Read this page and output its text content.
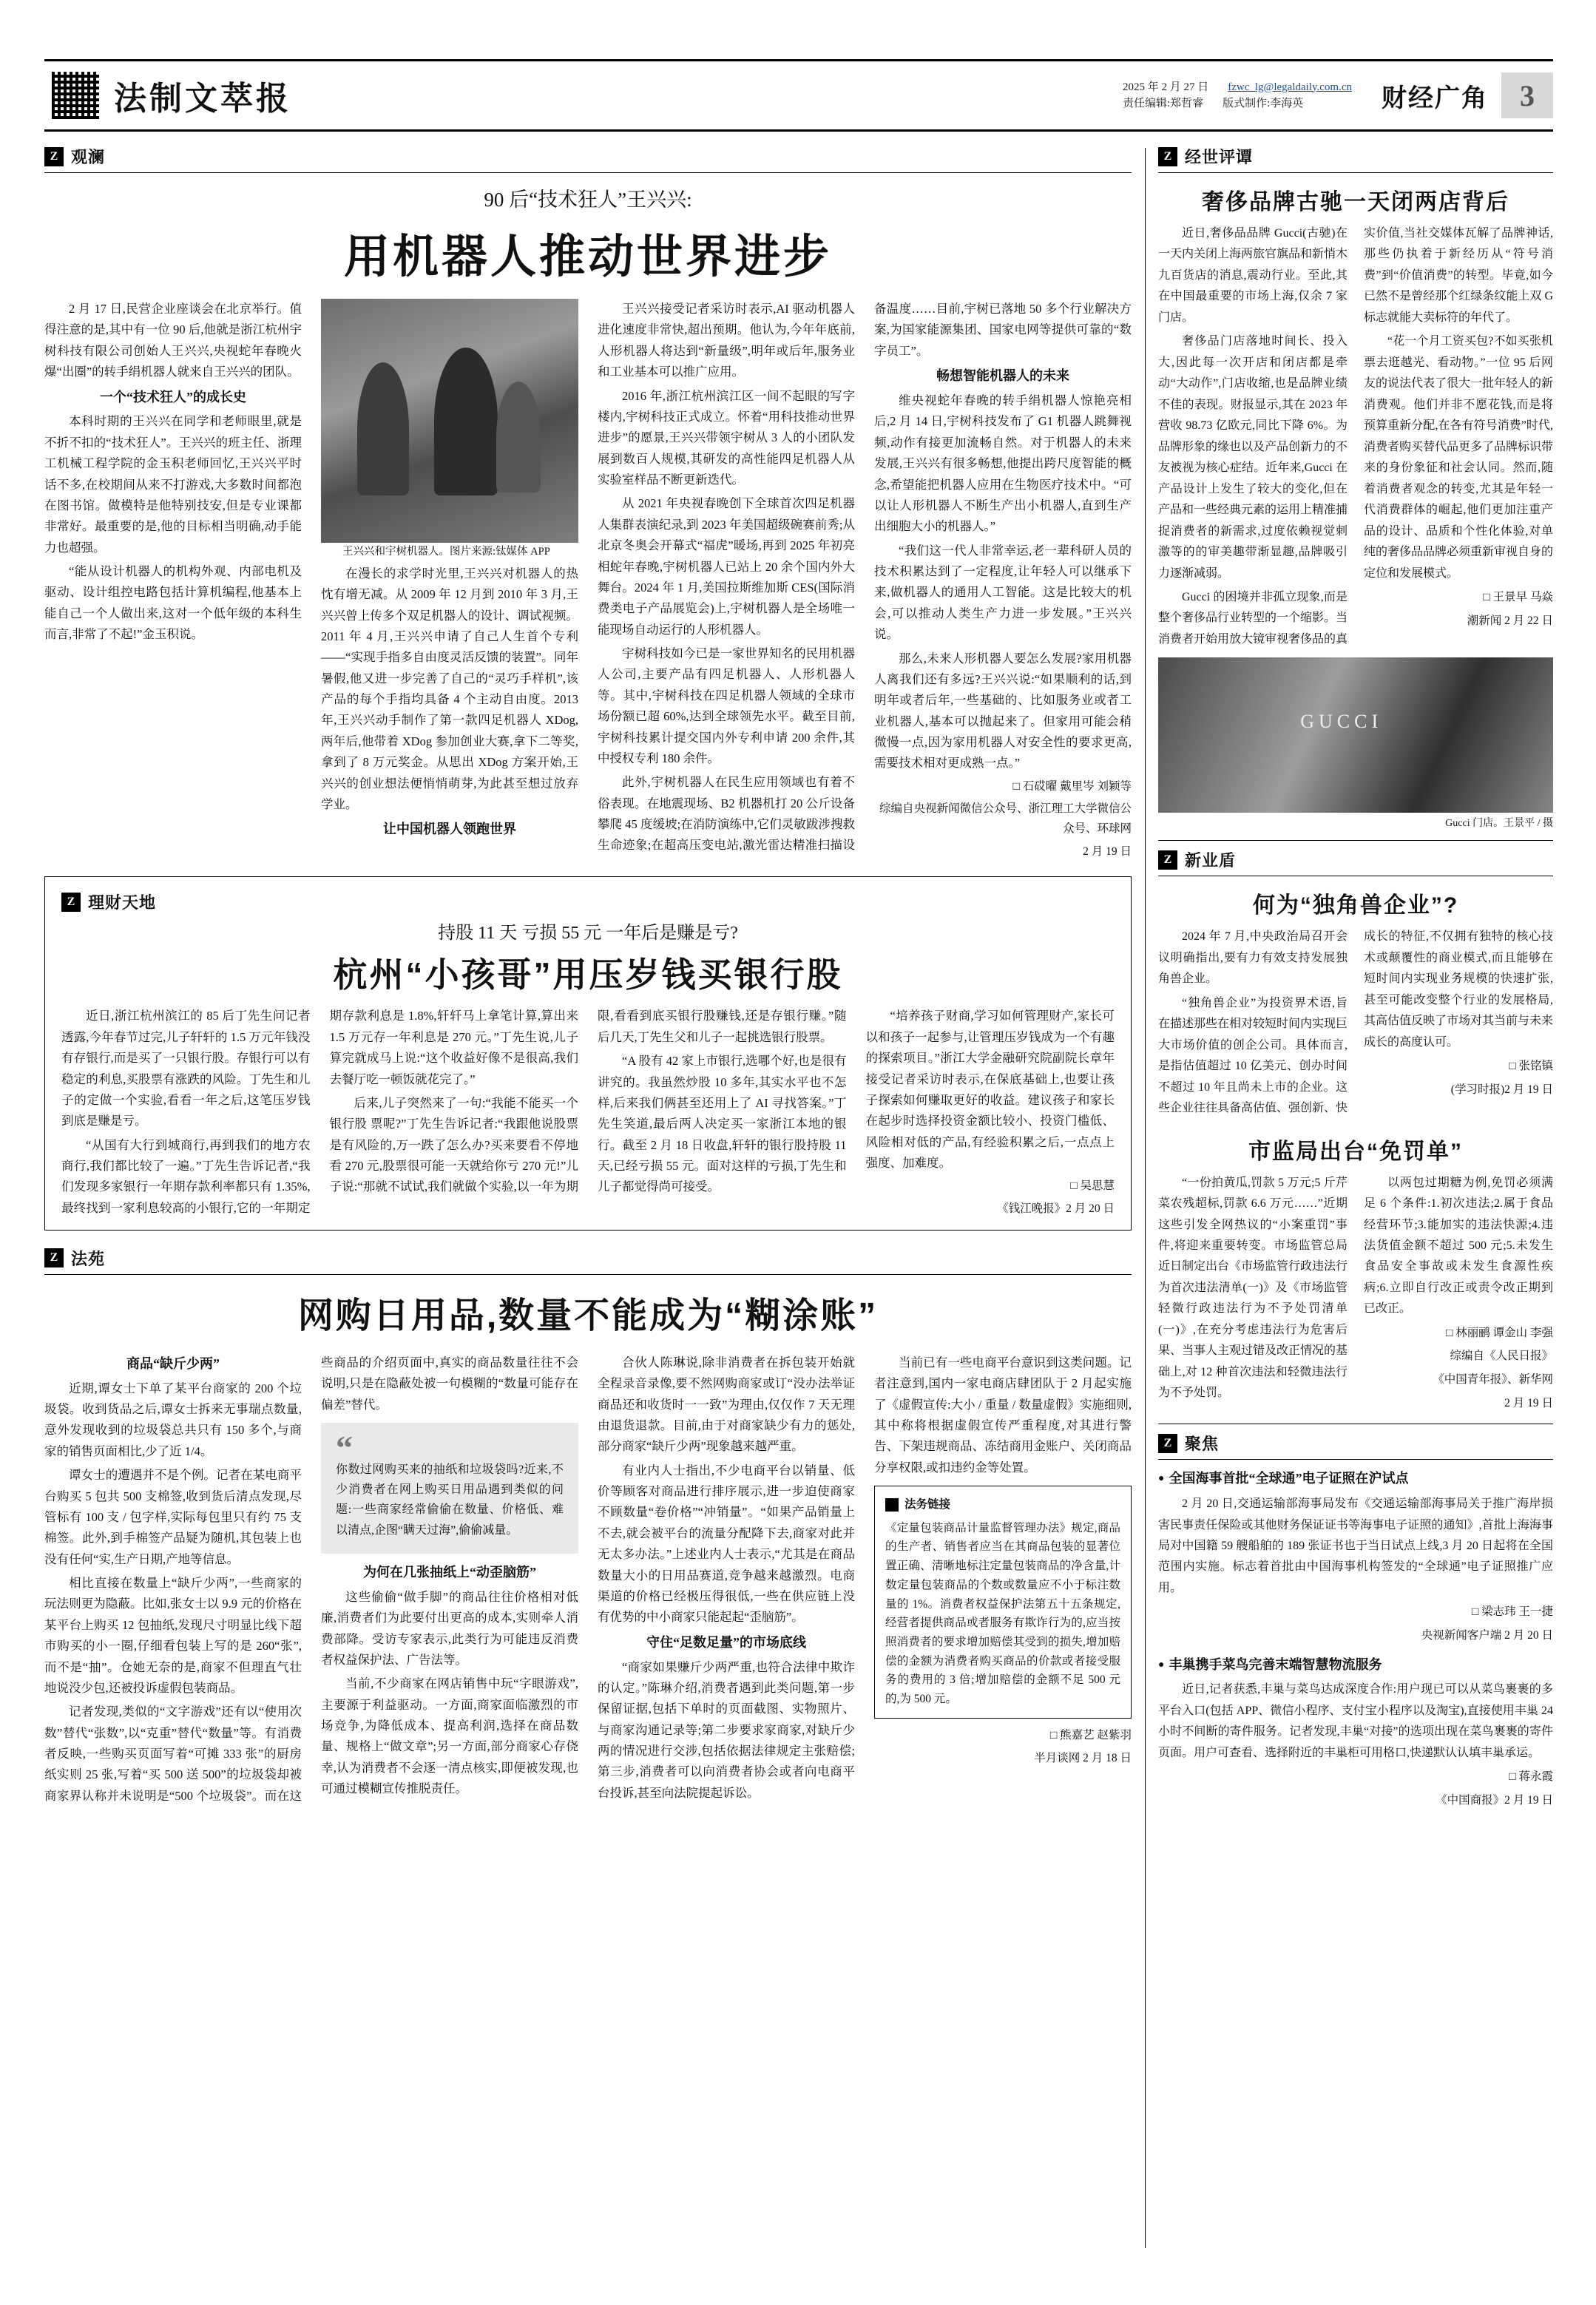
法制文萃报	2025 年 2 月 27 日 fzwc_lg@legaldaily.com.cn
责任编辑:郑哲睿 版式制作:李海英	财经广角	3
Z 观澜
90 后“技术狂人”王兴兴:
用机器人推动世界进步

2 月 17 日,民营企业座谈会在北京举行。值得注意的是,其中有一位 90 后,他就是浙江杭州宇树科技有限公司创始人王兴兴,央视蛇年春晚火爆“出圈”的转手绢机器人就来自王兴兴的团队。

一个“技术狂人”的成长史

本科时期的王兴兴在同学和老师眼里,就是不折不扣的“技术狂人”。王兴兴的班主任、浙理工机械工程学院的金玉积老师回忆,王兴兴平时话不多,在校期间从来不打游戏,大多数时间都泡在图书馆。做模特是他特别技安,但是专业课都非常好。最重要的是,他的目标相当明确,动手能力也超强。

“能从设计机器人的机构外观、内部电机及驱动、设计组控电路包括计算机编程,他基本上能自己一个人做出来,这对一个低年级的本科生而言,非常了不起!”金玉积说。

王兴兴和宇树机器人。图片来源:钛媒体 APP

在漫长的求学时光里,王兴兴对机器人的热忱有增无减。从 2009 年 12 月到 2010 年 3 月,王兴兴曾上传多个双足机器人的设计、调试视频。2011 年 4 月,王兴兴申请了自己人生首个专利——“实现手指多自由度灵活反馈的装置”。同年暑假,他又进一步完善了自己的“灵巧手样机”,该产品的每个手指均具备 4 个主动自由度。2013 年,王兴兴动手制作了第一款四足机器人 XDog,两年后,他带着 XDog 参加创业大赛,拿下二等奖,拿到了 8 万元奖金。从思出 XDog 方案开始,王兴兴的创业想法便悄悄萌芽,为此甚至想过放弃学业。

让中国机器人领跑世界

王兴兴接受记者采访时表示,AI 驱动机器人进化速度非常快,超出预期。他认为,今年年底前,人形机器人将达到“新量级”,明年或后年,服务业和工业基本可以推广应用。

2016 年,浙江杭州滨江区一间不起眼的写字楼内,宇树科技正式成立。怀着“用科技推动世界进步”的愿景,王兴兴带领宇树从 3 人的小团队发展到数百人规模,其研发的高性能四足机器人从实验室样品不断更新迭代。

从 2021 年央视春晚创下全球首次四足机器人集群表演纪录,到 2023 年美国超级碗赛前秀;从北京冬奥会开幕式“福虎”暖场,再到 2025 年初亮相蛇年春晚,宇树机器人已站上 20 余个国内外大舞台。2024 年 1 月,美国拉斯维加斯 CES(国际消费类电子产品展览会)上,宇树机器人是全场唯一能现场自动运行的人形机器人。

宇树科技如今已是一家世界知名的民用机器人公司,主要产品有四足机器人、人形机器人等。其中,宇树科技在四足机器人领域的全球市场份额已超 60%,达到全球领先水平。截至目前,宇树科技累计提交国内外专利申请 200 余件,其中授权专利 180 余件。

此外,宇树机器人在民生应用领域也有着不俗表现。在地震现场、B2 机器机打 20 公斤设备攀爬 45 度缓坡;在消防演练中,它们灵敏跋涉搜救生命迹象;在超高压变电站,激光雷达精准扫描设备温度……目前,宇树已落地 50 多个行业解决方案,为国家能源集团、国家电网等提供可靠的“数字员工”。

畅想智能机器人的未来

维央视蛇年春晚的转手绢机器人惊艳亮相后,2 月 14 日,宇树科技发布了 G1 机器人跳舞视频,动作有接更加流畅自然。对于机器人的未来发展,王兴兴有很多畅想,他提出跨尺度智能的概念,希望能把机器人应用在生物医疗技术中。“可以让人形机器人不断生产出小机器人,直到生产出细胞大小的机器人。”

“我们这一代人非常幸运,老一辈科研人员的技术积累达到了一定程度,让年轻人可以继承下来,做机器人的通用人工智能。这是比较大的机会,可以推动人类生产力进一步发展。”王兴兴说。

那么,未来人形机器人要怎么发展?家用机器人离我们还有多远?王兴兴说:“如果顺利的话,到明年或者后年,一些基础的、比如服务业或者工业机器人,基本可以抛起来了。但家用可能会稍微慢一点,因为家用机器人对安全性的要求更高,需要技术相对更成熟一点。”

□ 石砹曜 戴里岑 刘颖等

综编自央视新闻微信公众号、浙江理工大学微信公众号、环球网

2 月 19 日

Z 理财天地
持股 11 天 亏损 55 元 一年后是赚是亏?
杭州“小孩哥”用压岁钱买银行股

近日,浙江杭州滨江的 85 后丁先生问记者透露,今年春节过完,儿子轩轩的 1.5 万元年钱没有存银行,而是买了一只银行股。存银行可以有稳定的利息,买股票有涨跌的风险。丁先生和儿子的定做一个实验,看看一年之后,这笔压岁钱到底是赚是亏。

“从国有大行到城商行,再到我们的地方农商行,我们都比较了一遍。”丁先生告诉记者,“我们发现多家银行一年期存款利率都只有 1.35%,最终找到一家利息较高的小银行,它的一年期定期存款利息是 1.8%,轩轩马上拿笔计算,算出来 1.5 万元存一年利息是 270 元。”丁先生说,儿子算完就成马上说:“这个收益好像不是很高,我们去餐厅吃一顿饭就花完了。”

后来,儿子突然来了一句:“我能不能买一个银行股 票呢?”丁先生告诉记者:“我跟他说股票是有风险的,万一跌了怎么办?买来要看不停地看 270 元,股票很可能一天就给你亏 270 元!”儿子说:“那就不试试,我们就做个实验,以一年为期限,看看到底买银行股赚钱,还是存银行赚。”随后几天,丁先生父和儿子一起挑选银行股票。

“A 股有 42 家上市银行,选哪个好,也是很有讲究的。我虽然炒股 10 多年,其实水平也不怎样,后来我们俩甚至还用上了 AI 寻找答案。”丁先生笑道,最后两人决定买一家浙江本地的银行。截至 2 月 18 日收盘,轩轩的银行股持股 11 天,已经亏损 55 元。面对这样的亏损,丁先生和儿子都觉得尚可接受。

“培养孩子财商,学习如何管理财产,家长可以和孩子一起参与,让管理压岁钱成为一个有趣的探索项目。”浙江大学金融研究院副院长章年接受记者采访时表示,在保底基础上,也要让孩子探索如何赚取更好的收益。建议孩子和家长在起步时选择投资金额比较小、投资门槛低、风险相对低的产品,有经验积累之后,一点点上强度、加难度。

□ 吴思慧

《钱江晚报》2 月 20 日

Z 法苑
网购日用品,数量不能成为“糊涂账”

商品“缺斤少两”

近期,谭女士下单了某平台商家的 200 个垃圾袋。收到货品之后,谭女士拆来无事瑞点数量,意外发现收到的垃圾袋总共只有 150 多个,与商家的销售页面相比,少了近 1/4。

谭女士的遭遇并不是个例。记者在某电商平台购买 5 包共 500 支棉签,收到货后清点发现,尽管标有 100 支 / 包字样,实际每包里只有约 75 支棉签。此外,到手棉签产品疑为随机,其包装上也没有任何“实,生产日期,产地等信息。

相比直接在数量上“缺斤少两”,一些商家的玩法则更为隐蔽。比如,张女士以 9.9 元的价格在某平台上购买 12 包抽纸,发现尺寸明显比线下超市购买的小一圈,仔细看包装上写的是 260“张”,而不是“抽”。仓她无奈的是,商家不但理直气壮地说没少包,还被投诉虚假包装商品。

记者发现,类似的“文字游戏”还有以“使用次数”替代“张数”,以“克重”替代“数量”等。有消费者反映,一些购买页面写着“可摊 333 张”的厨房纸实则 25 张,写着“买 500 送 500”的垃圾袋却被商家界认称并未说明是“500 个垃圾袋”。而在这些商品的介绍页面中,真实的商品数量往往不会说明,只是在隐蔽处被一句模糊的“数量可能存在偏差”替代。

“
你数过网购买来的抽纸和垃圾袋吗?近来,不少消费者在网上购买日用品遇到类似的问题:一些商家经常偷偷在数量、价格低、难以清点,企图“瞒天过海”,偷偷减量。

为何在几张抽纸上“动歪脑筋”

这些偷偷“做手脚”的商品往往价格相对低廉,消费者们为此要付出更高的成本,实则牵人消费部降。受访专家表示,此类行为可能违反消费者权益保护法、广告法等。

当前,不少商家在网店销售中玩“字眼游戏”,主要源于利益驱动。一方面,商家面临激烈的市场竞争,为降低成本、提高利润,选择在商品数量、规格上“做文章”;另一方面,部分商家心存侥幸,认为消费者不会逐一清点核实,即便被发现,也可通过模糊宣传推脱责任。

合伙人陈琳说,除非消费者在拆包装开始就全程录音录像,要不然网购商家或订“没办法举证商品还和收货时一一致”为理由,仅仅作 7 天无理由退货退款。目前,由于对商家缺少有力的惩处,部分商家“缺斤少两”现象越来越严重。

有业内人士指出,不少电商平台以销量、低价等顾客对商品进行排序展示,进一步迫使商家不顾数量“卷价格”“冲销量”。“如果产品销量上不去,就会被平台的流量分配降下去,商家对此并无太多办法。”上述业内人士表示,“尤其是在商品数量大小的日用品赛道,竞争越来越激烈。电商渠道的价格已经极压得很低,一些在供应链上没有优势的中小商家只能起起“歪脑筋”。

守住“足数足量”的市场底线

“商家如果赚斤少两严重,也符合法律中欺诈的认定。”陈琳介绍,消费者遇到此类问题,第一步保留证据,包括下单时的页面截图、实物照片、与商家沟通记录等;第二步要求家商家,对缺斤少两的情况进行交涉,包括依据法律规定主张赔偿;第三步,消费者可以向消费者协会或者向电商平台投诉,甚至向法院提起诉讼。

当前已有一些电商平台意识到这类问题。记者注意到,国内一家电商店肆团队于 2 月起实施了《虚假宣传:大小 / 重量 / 数量虚假》实施细则,其中称将根据虚假宣传严重程度,对其进行警告、下架违规商品、冻结商用金账户、关闭商品分享权限,或扣违约金等处置。

法务链接
《定量包装商品计量监督管理办法》规定,商品的生产者、销售者应当在其商品包装的显著位置正确、清晰地标注定量包装商品的净含量,计数定量包装商品的个数或数量应不小于标注数量的 1%。消费者权益保护法第五十五条规定,经营者提供商品或者服务有欺诈行为的,应当按照消费者的要求增加赔偿其受到的损失,增加赔偿的金额为消费者购买商品的价款或者接受服务的费用的 3 倍;增加赔偿的金额不足 500 元的,为 500 元。

□ 熊嘉艺 赵紫羽

半月谈网 2 月 18 日

Z 经世评谭
奢侈品牌古驰一天闭两店背后

近日,奢侈品品牌 Gucci(古驰)在一天内关闭上海两旅官旗品和新悄木九百货店的消息,震动行业。至此,其在中国最重要的市场上海,仅余 7 家门店。

奢侈品门店落地时间长、投入大,因此每一次开店和闭店都是牵动“大动作”,门店收缩,也是品牌业绩不佳的表现。财报显示,其在 2023 年营收 98.73 亿欧元,同比下降 6%。为品牌形象的缘也以及产品创新力的不友被视为核心症结。近年来,Gucci 在产品设计上发生了较大的变化,但在产品和一些经典元素的运用上精准捕捉消费者的新需求,过度依赖视觉刺激等的的审美趣带渐显趣,品牌吸引力逐渐减弱。

Gucci 的困境并非孤立现象,而是整个奢侈品行业转型的一个缩影。当消费者开始用放大镜审视奢侈品的真实价值,当社交媒体瓦解了品牌神话,那些仍执着于新经历从“符号消费”到“价值消费”的转型。毕竟,如今已然不是曾经那个红绿条纹能上双 G 标志就能大卖标符的年代了。

“花一个月工资买包?不如买张机票去逛越光、看动物。”一位 95 后网友的说法代表了很大一批年轻人的新消费观。他们并非不愿花钱,而是将预算重新分配,在各有符号消费”时代,消费者购买替代品更多了品牌标识带来的身份象征和社会认同。然而,随着消费者观念的转变,尤其是年轻一代消费群体的崛起,他们更加注重产品的设计、品质和个性化体验,对单纯的奢侈品品牌必须重新审视自身的定位和发展模式。

□ 王景早 马焱

潮新闻 2 月 22 日

GUCCI
Gucci 门店。王景平 / 摄
Z 新业盾
何为“独角兽企业”?

2024 年 7 月,中央政治局召开会议明确指出,要有力有效支持发展独角兽企业。

“独角兽企业”为投资界术语,旨在描述那些在相对较短时间内实现巨大市场价值的创企公司。具体而言,是指估值超过 10 亿美元、创办时间不超过 10 年且尚未上市的企业。这些企业往往具备高估值、强创新、快成长的特征,不仅拥有独特的核心技术或颠覆性的商业模式,而且能够在短时间内实现业务规模的快速扩张,甚至可能改变整个行业的发展格局,其高估值反映了市场对其当前与未来成长的高度认可。

□ 张铭镇

(学习时报)2 月 19 日

市监局出台“免罚单”

“一份拍黄瓜,罚款 5 万元;5 斤芹菜农残超标,罚款 6.6 万元……”近期这些引发全网热议的“小案重罚”事件,将迎来重要转变。市场监管总局近日制定出台《市场监管行政违法行为首次违法清单(一)》及《市场监管轻微行政违法行为不予处罚清单(一)》,在充分考虑违法行为危害后果、当事人主观过错及改正情况的基础上,对 12 种首次违法和轻微违法行为不予处罚。

以两包过期糖为例,免罚必须满足 6 个条件:1.初次违法;2.属于食品经营环节;3.能加实的违法快源;4.违法货值金额不超过 500 元;5.未发生食品安全事故或未发生食源性疾病;6.立即自行改正或责令改正期到已改正。

□ 林丽鹂 谭金山 李强

综编自《人民日报》

《中国青年报》、新华网

2 月 19 日

Z 聚焦
● 全国海事首批“全球通”电子证照在沪试点

2 月 20 日,交通运输部海事局发布《交通运输部海事局关于推广海岸损害民事责任保险或其他财务保证证书等海事电子证照的通知》,首批上海海事局对中国籍 59 艘船舶的 189 张证书也于当日试点上线,3 月 20 日起将在全国范围内实施。标志着首批由中国海事机构签发的“全球通”电子证照推广应用。

□ 梁志玮 王一捷

央视新闻客户端 2 月 20 日

● 丰巢携手菜鸟完善末端智慧物流服务

近日,记者获悉,丰巢与菜鸟达成深度合作:用户现已可以从菜鸟裹裹的多平台入口(包括 APP、微信小程序、支付宝小程序以及淘宝),直接使用丰巢 24 小时不间断的寄件服务。记者发现,丰巢“对接”的选项出现在菜鸟裹裹的寄件页面。用户可查看、选择附近的丰巢柜可用格口,快递默认认填丰巢承运。

□ 蒋永霞

《中国商报》2 月 19 日
